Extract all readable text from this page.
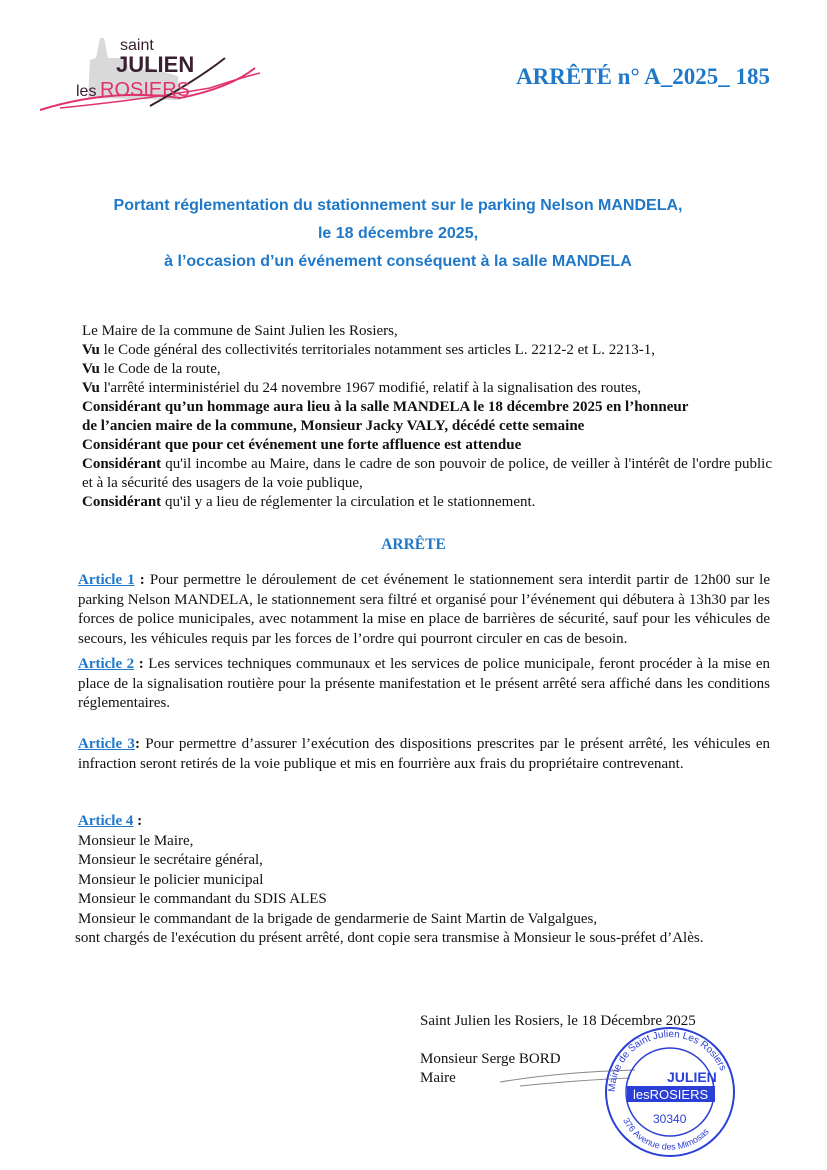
saint
JULIEN
les ROSIERS
ARRÊTÉ n° A_2025_ 185
Portant réglementation du stationnement sur le parking Nelson MANDELA,
le 18 décembre 2025,
à l’occasion d’un événement conséquent à la salle MANDELA
Le Maire de la commune de Saint Julien les Rosiers,
Vu le Code général des collectivités territoriales notamment ses articles L. 2212-2 et L. 2213-1,
Vu le Code de la route,
Vu l'arrêté interministériel du 24 novembre 1967 modifié, relatif à la signalisation des routes,
Considérant qu’un hommage aura lieu à la salle MANDELA le 18 décembre 2025 en l’honneur
de l’ancien maire de la commune, Monsieur Jacky VALY, décédé cette semaine
Considérant que pour cet événement une forte affluence est attendue
Considérant qu'il incombe au Maire, dans le cadre de son pouvoir de police, de veiller à l'intérêt de l'ordre public et à la sécurité des usagers de la voie publique,
Considérant qu'il y a lieu de réglementer la circulation et le stationnement.
ARRÊTE
Article 1 : Pour permettre le déroulement de cet événement le stationnement sera interdit partir de 12h00 sur le parking Nelson MANDELA, le stationnement sera filtré et organisé pour l’événement qui débutera à 13h30 par les forces de police municipales, avec notamment la mise en place de barrières de sécurité, sauf pour les véhicules de secours, les véhicules requis par les forces de l’ordre qui pourront circuler en cas de besoin.
Article 2 : Les services techniques communaux et les services de police municipale, feront procéder à la mise en place de la signalisation routière pour la présente manifestation et le présent arrêté sera affiché dans les conditions réglementaires.
Article 3: Pour permettre d’assurer l’exécution des dispositions prescrites par le présent arrêté, les véhicules en infraction seront retirés de la voie publique et mis en fourrière aux frais du propriétaire contrevenant.
Article 4 :
Monsieur le Maire,
Monsieur le secrétaire général,
Monsieur le policier municipal
Monsieur le commandant du SDIS ALES
Monsieur le commandant de la brigade de gendarmerie de Saint Martin de Valgalgues,
sont chargés de l'exécution du présent arrêté, dont copie sera transmise à Monsieur le sous-préfet d’Alès.
Saint Julien les Rosiers, le 18 Décembre 2025
Monsieur Serge BORD
Maire
Mairie de Saint Julien Les Rosiers
376 Avenue des Mimosas
JULIEN
lesROSIERS
30340
